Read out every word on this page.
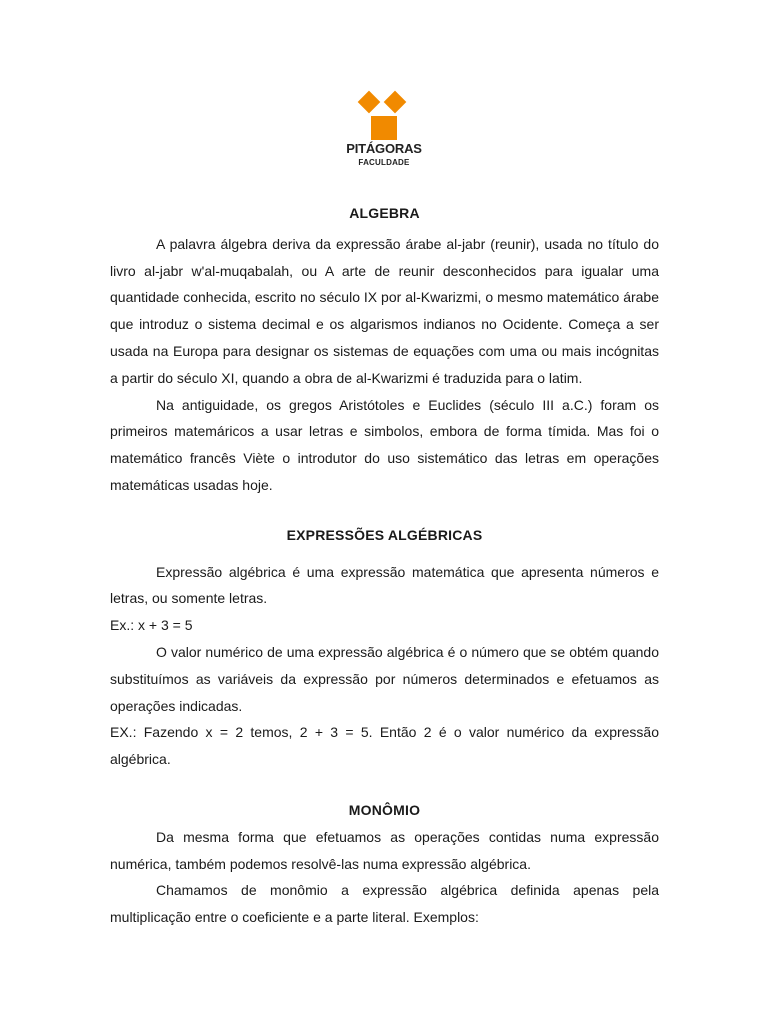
PITÁGORAS
FACULDADE
ALGEBRA

A palavra álgebra deriva da expressão árabe al-jabr (reunir), usada no título do livro al-jabr w'al-muqabalah, ou A arte de reunir desconhecidos para igualar uma quantidade conhecida, escrito no século IX por al-Kwarizmi, o mesmo matemático árabe que introduz o sistema decimal e os algarismos indianos no Ocidente. Começa a ser usada na Europa para designar os sistemas de equações com uma ou mais incógnitas a partir do século XI, quando a obra de al-Kwarizmi é traduzida para o latim.

Na antiguidade, os gregos Aristótoles e Euclides (século III a.C.) foram os primeiros matemáricos a usar letras e simbolos, embora de forma tímida. Mas foi o matemático francês Viète o introdutor do uso sistemático das letras em operações matemáticas usadas hoje.

EXPRESSÕES ALGÉBRICAS

Expressão algébrica é uma expressão matemática que apresenta números e letras, ou somente letras.

Ex.: x + 3 = 5

O valor numérico de uma expressão algébrica é o número que se obtém quando substituímos as variáveis da expressão por números determinados e efetuamos as operações indicadas.

EX.: Fazendo x = 2 temos, 2 + 3 = 5. Então 2 é o valor numérico da expressão algébrica.

MONÔMIO

Da mesma forma que efetuamos as operações contidas numa expressão numérica, também podemos resolvê-las numa expressão algébrica.

Chamamos de monômio a expressão algébrica definida apenas pela multiplicação entre o coeficiente e a parte literal. Exemplos:
